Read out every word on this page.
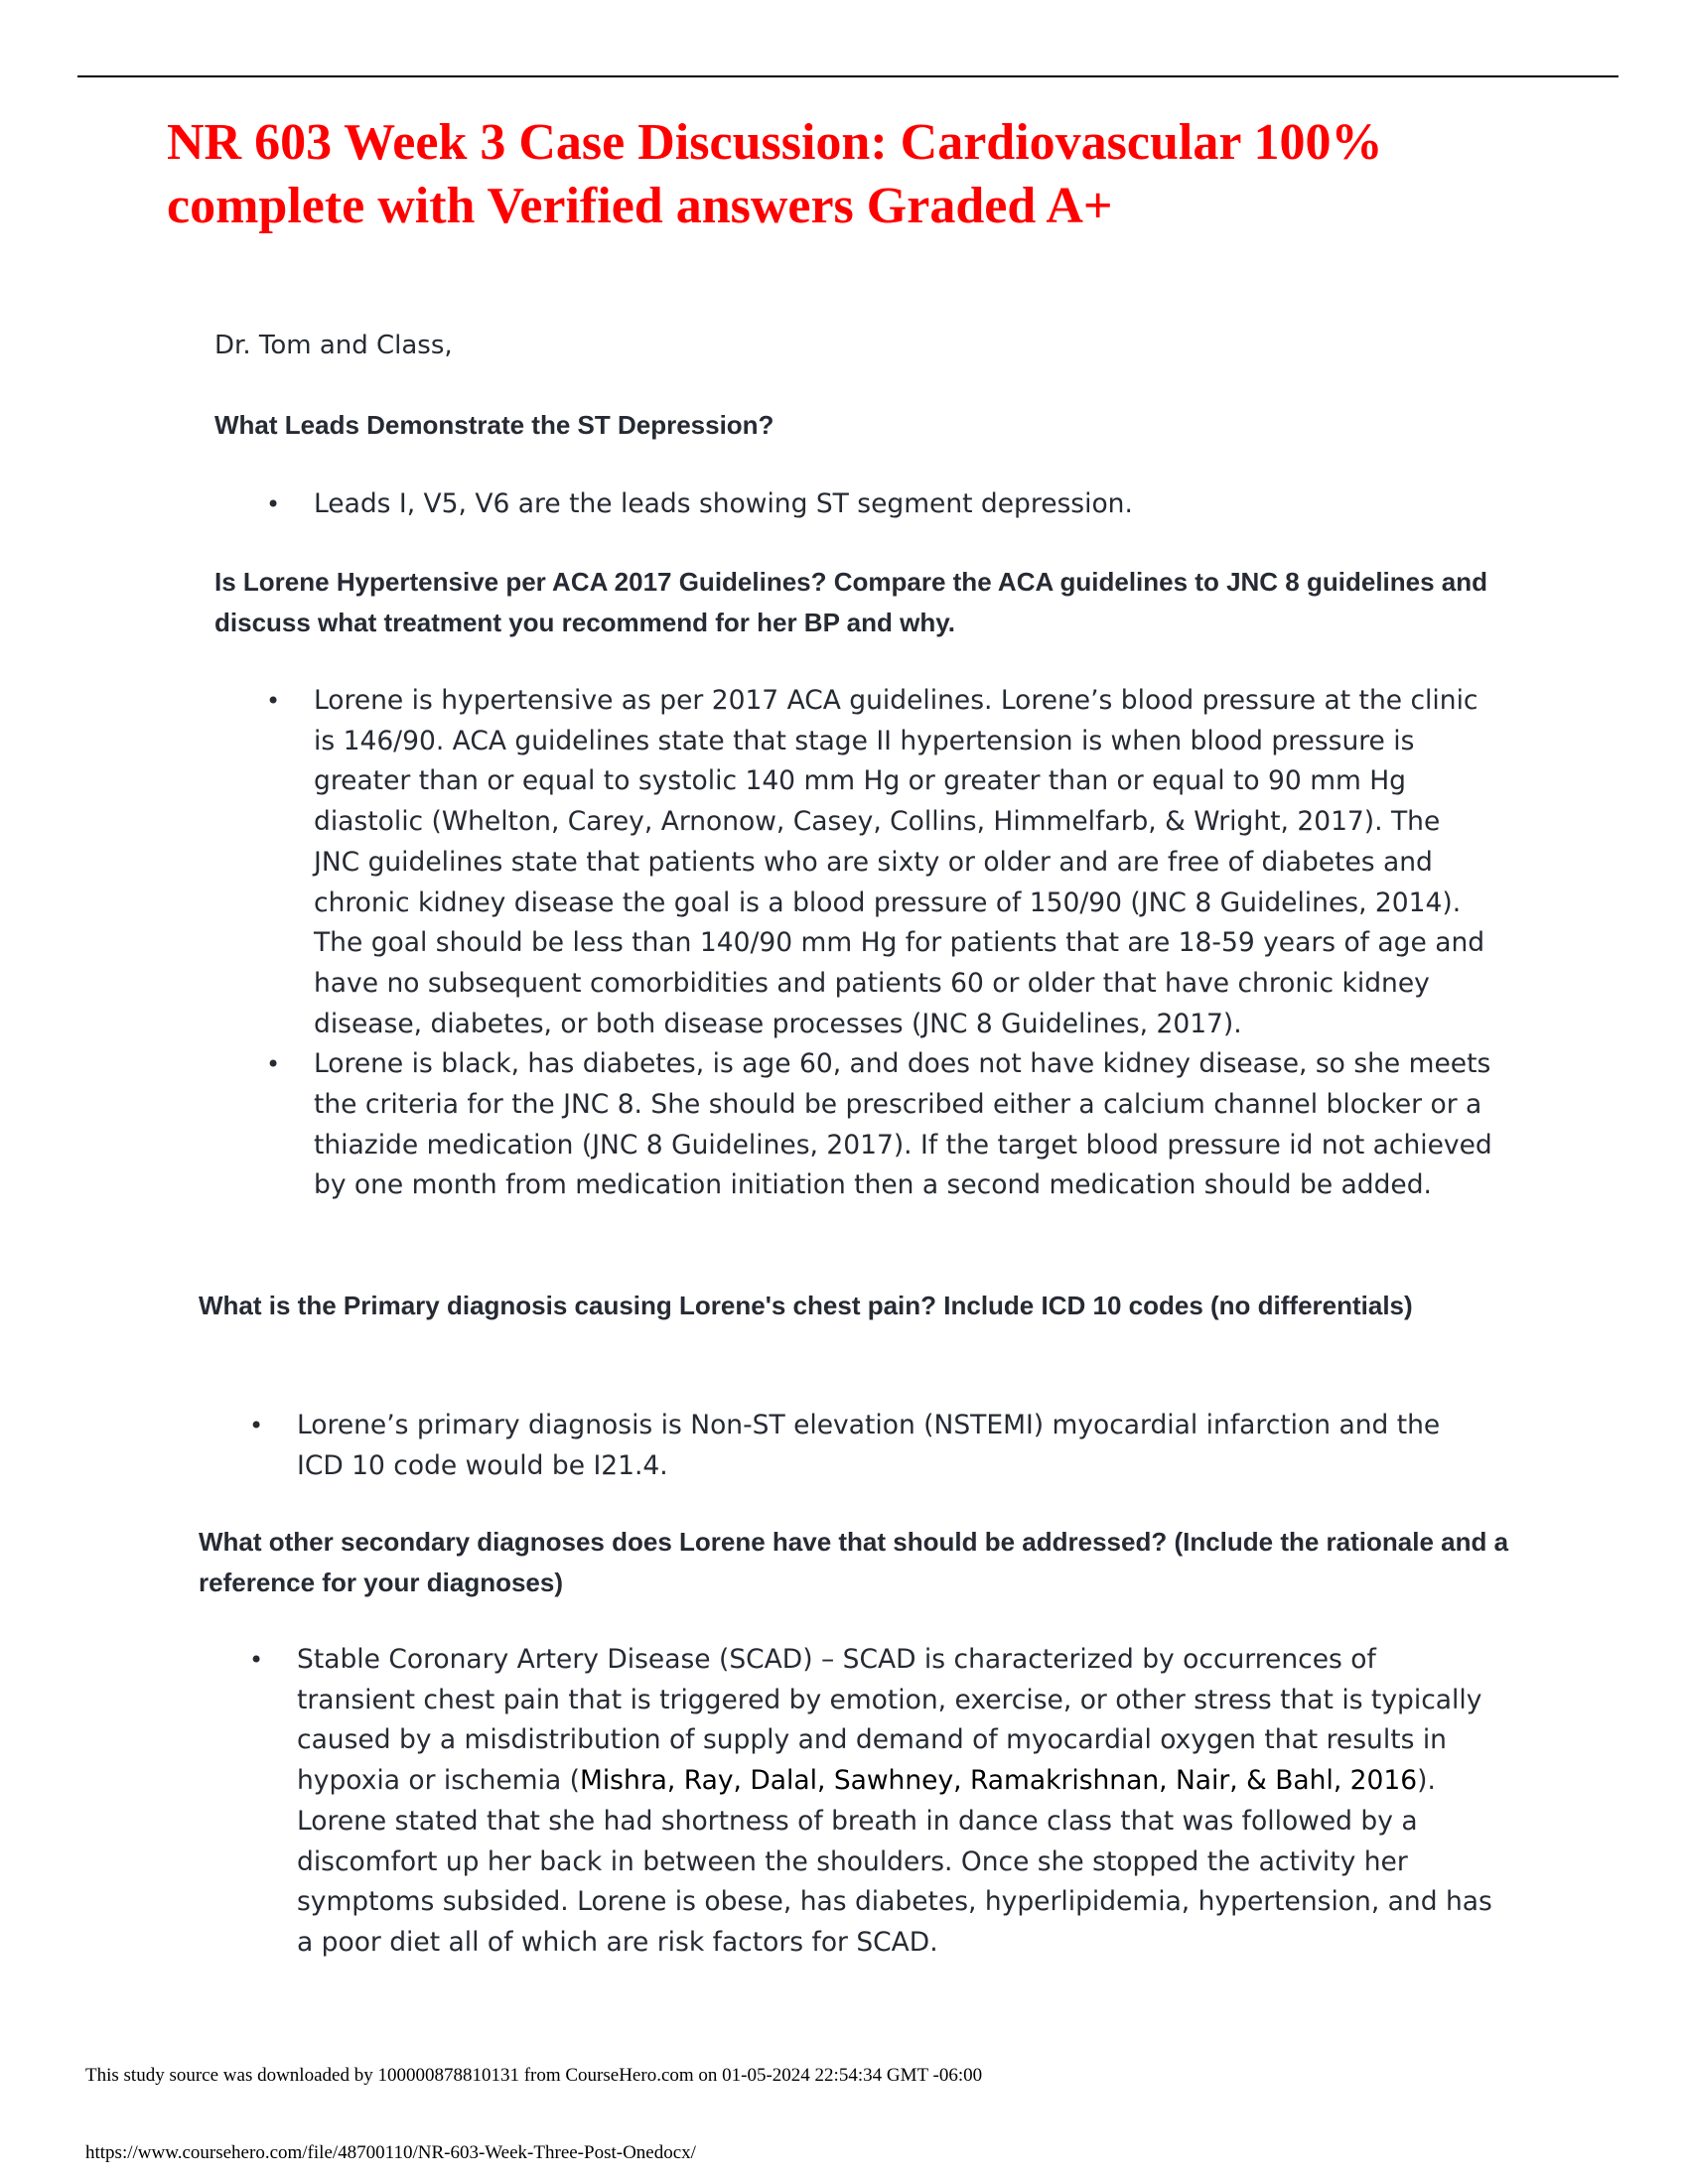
NR 603 Week 3 Case Discussion: Cardiovascular 100% complete with Verified answers Graded A+
Dr. Tom and Class,
What Leads Demonstrate the ST Depression?
• Leads I, V5, V6 are the leads showing ST segment depression.
Is Lorene Hypertensive per ACA 2017 Guidelines? Compare the ACA guidelines to JNC 8 guidelines and discuss what treatment you recommend for her BP and why.
• Lorene is hypertensive as per 2017 ACA guidelines. Lorene’s blood pressure at the clinic is 146/90. ACA guidelines state that stage II hypertension is when blood pressure is greater than or equal to systolic 140 mm Hg or greater than or equal to 90 mm Hg diastolic (Whelton, Carey, Arnonow, Casey, Collins, Himmelfarb, & Wright, 2017). The JNC guidelines state that patients who are sixty or older and are free of diabetes and chronic kidney disease the goal is a blood pressure of 150/90 (JNC 8 Guidelines, 2014). The goal should be less than 140/90 mm Hg for patients that are 18-59 years of age and have no subsequent comorbidities and patients 60 or older that have chronic kidney disease, diabetes, or both disease processes (JNC 8 Guidelines, 2017).
• Lorene is black, has diabetes, is age 60, and does not have kidney disease, so she meets the criteria for the JNC 8. She should be prescribed either a calcium channel blocker or a thiazide medication (JNC 8 Guidelines, 2017). If the target blood pressure id not achieved by one month from medication initiation then a second medication should be added.
What is the Primary diagnosis causing Lorene's chest pain? Include ICD 10 codes (no differentials)
• Lorene’s primary diagnosis is Non-ST elevation (NSTEMI) myocardial infarction and the ICD 10 code would be I21.4.
What other secondary diagnoses does Lorene have that should be addressed? (Include the rationale and a reference for your diagnoses)
• Stable Coronary Artery Disease (SCAD) – SCAD is characterized by occurrences of transient chest pain that is triggered by emotion, exercise, or other stress that is typically caused by a misdistribution of supply and demand of myocardial oxygen that results in hypoxia or ischemia (Mishra, Ray, Dalal, Sawhney, Ramakrishnan, Nair, & Bahl, 2016). Lorene stated that she had shortness of breath in dance class that was followed by a discomfort up her back in between the shoulders. Once she stopped the activity her symptoms subsided. Lorene is obese, has diabetes, hyperlipidemia, hypertension, and has a poor diet all of which are risk factors for SCAD.
This study source was downloaded by 100000878810131 from CourseHero.com on 01-05-2024 22:54:34 GMT -06:00
https://www.coursehero.com/file/48700110/NR-603-Week-Three-Post-Onedocx/
